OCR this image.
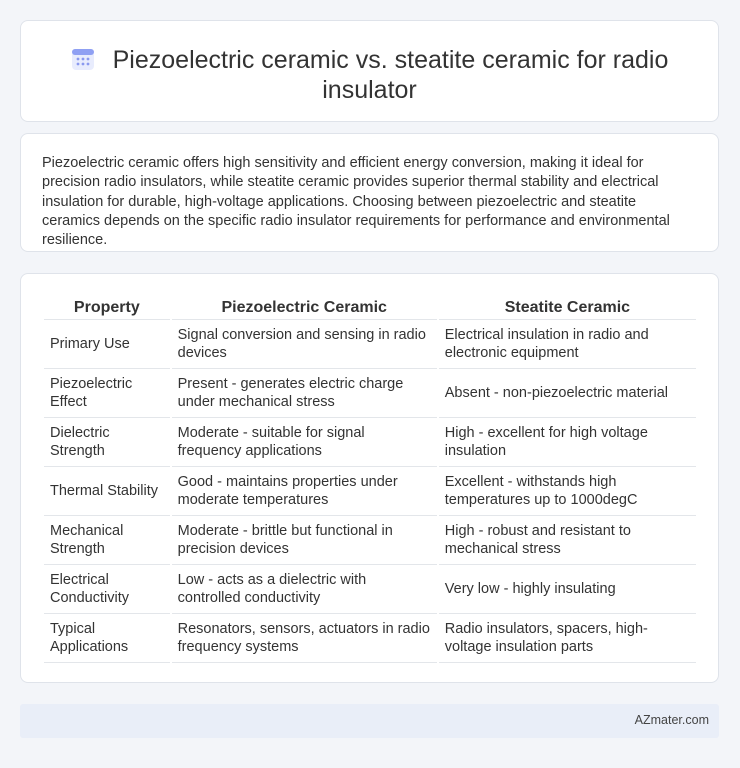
Piezoelectric ceramic vs. steatite ceramic for radio insulator

Piezoelectric ceramic offers high sensitivity and efficient energy conversion, making it ideal for precision radio insulators, while steatite ceramic provides superior thermal stability and electrical insulation for durable, high-voltage applications. Choosing between piezoelectric and steatite ceramics depends on the specific radio insulator requirements for performance and environmental resilience.

Property	Piezoelectric Ceramic	Steatite Ceramic
Primary Use	Signal conversion and sensing in radio devices	Electrical insulation in radio and electronic equipment
Piezoelectric Effect	Present - generates electric charge under mechanical stress	Absent - non-piezoelectric material
Dielectric Strength	Moderate - suitable for signal frequency applications	High - excellent for high voltage insulation
Thermal Stability	Good - maintains properties under moderate temperatures	Excellent - withstands high temperatures up to 1000degC
Mechanical Strength	Moderate - brittle but functional in precision devices	High - robust and resistant to mechanical stress
Electrical Conductivity	Low - acts as a dielectric with controlled conductivity	Very low - highly insulating
Typical Applications	Resonators, sensors, actuators in radio frequency systems	Radio insulators, spacers, high-voltage insulation parts
AZmater.com
